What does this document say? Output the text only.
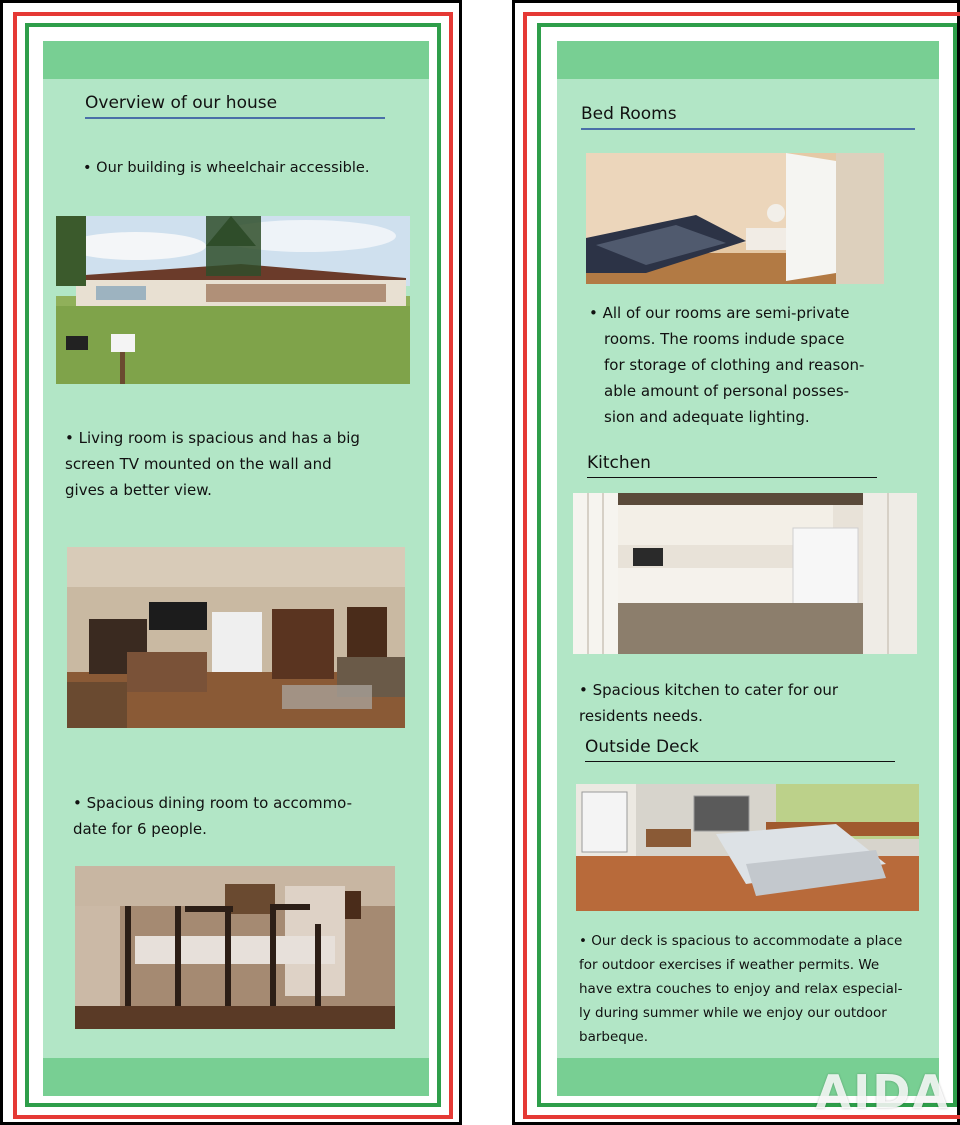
Overview of our house
• Our building is wheelchair accessible.
• Living room is spacious and has a big
screen TV mounted on the wall and
gives a better view.
• Spacious dining room to accommo-
date for 6 people.
Bed Rooms
• All of our rooms are semi-private
rooms. The rooms indude space
for storage of clothing and reason-
able amount of personal posses-
sion and adequate lighting.
Kitchen
• Spacious kitchen to cater for our
residents needs.
Outside Deck
• Our deck is spacious to accommodate a place
for outdoor exercises if weather permits. We
have extra couches to enjoy and relax especial-
ly during summer while we enjoy our outdoor
barbeque.
AIDA
